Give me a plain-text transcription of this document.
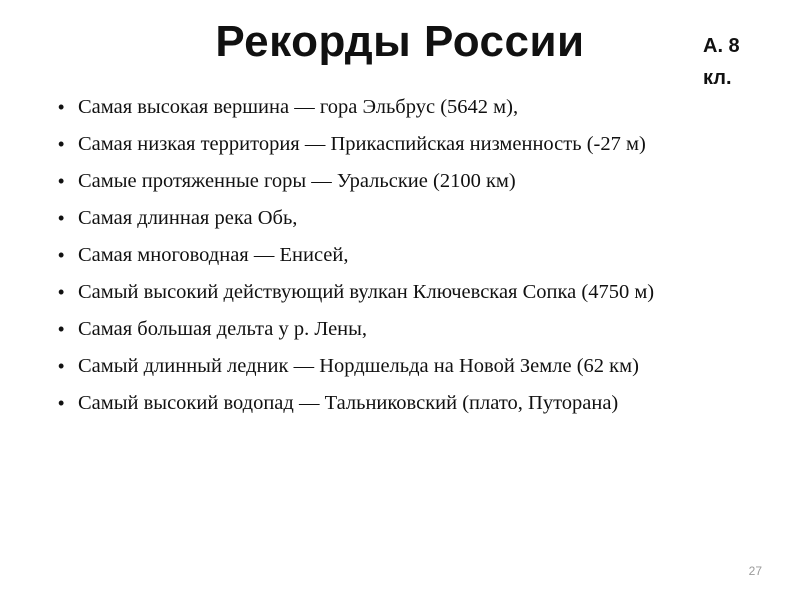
Рекорды России	А. 8 кл.
• Самая высокая вершина — гора Эльбрус (5642 м),
• Самая низкая территория — Прикаспийская низменность (-27 м)
• Самые протяженные горы — Уральские (2100 км)
• Самая длинная река Обь,
• Самая многоводная — Енисей,
• Самый высокий действующий вулкан Ключевская Сопка (4750 м)
• Самая большая дельта у р. Лены,
• Самый длинный ледник — Нордшельда на Новой Земле (62 км)
• Самый высокий водопад — Тальниковский (плато, Путорана)
27
